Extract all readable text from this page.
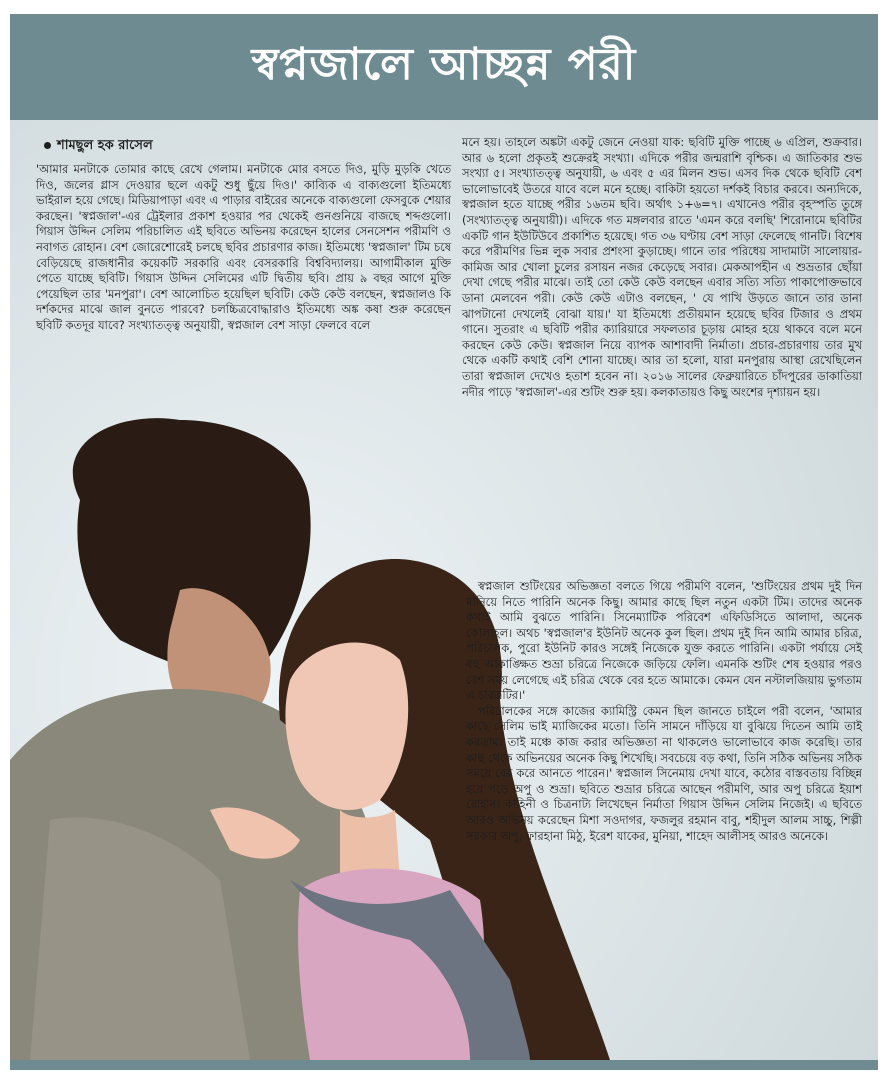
স্বপ্নজালে আচ্ছন্ন পরী
শামছুল হক রাসেল

'আমার মনটাকে তোমার কাছে রেখে গেলাম। মনটাকে মোর বসতে দিও, মুড়ি মুড়কি খেতে দিও, জলের গ্লাস দেওয়ার ছলে একটু শুধু ছুঁয়ে দিও।' কাব্যিক এ বাক্যগুলো ইতিমধ্যে ভাইরাল হয়ে গেছে। মিডিয়াপাড়া এবং এ পাড়ার বাইরের অনেকে বাক্যগুলো ফেসবুকে শেয়ার করছেন। 'স্বপ্নজাল'-এর ট্রেইলার প্রকাশ হওয়ার পর থেকেই গুনগুনিয়ে বাজছে শব্দগুলো। গিয়াস উদ্দিন সেলিম পরিচালিত এই ছবিতে অভিনয় করেছেন হালের সেনসেশন পরীমণি ও নবাগত রোহান। বেশ জোরেশোরেই চলছে ছবির প্রচারণার কাজ। ইতিমধ্যে 'স্বপ্নজাল' টিম চষে বেড়িয়েছে রাজধানীর কয়েকটি সরকারি এবং বেসরকারি বিশ্ববিদ্যালয়। আগামীকাল মুক্তি পেতে যাচ্ছে ছবিটি। গিয়াস উদ্দিন সেলিমের এটি দ্বিতীয় ছবি। প্রায় ৯ বছর আগে মুক্তি পেয়েছিল তার 'মনপুরা'। বেশ আলোচিত হয়েছিল ছবিটি। কেউ কেউ বলছেন, স্বপ্নজালও কি দর্শকদের মাঝে জাল বুনতে পারবে? চলচ্চিত্রবোদ্ধারাও ইতিমধ্যে অঙ্ক কষা শুরু করেছেন ছবিটি কতদূর যাবে? সংখ্যাতত্ত্ব অনুযায়ী, স্বপ্নজাল বেশ সাড়া ফেলবে বলে

মনে হয়। তাহলে অঙ্কটা একটু জেনে নেওয়া যাক: ছবিটি মুক্তি পাচ্ছে ৬ এপ্রিল, শুক্রবার। আর ৬ হলো প্রকৃতই শুক্রেরই সংখ্যা। এদিকে পরীর জন্মরাশি বৃশ্চিক। এ জাতিকার শুভ সংখ্যা ৫। সংখ্যাতত্ত্ব অনুযায়ী, ৬ এবং ৫ এর মিলন শুভ। এসব দিক থেকে ছবিটি বেশ ভালোভাবেই উতরে যাবে বলে মনে হচ্ছে। বাকিটা হয়তো দর্শকই বিচার করবে। অন্যদিকে, স্বপ্নজাল হতে যাচ্ছে পরীর ১৬তম ছবি। অর্থাৎ ১+৬=৭। এখানেও পরীর বৃহস্পতি তুঙ্গে (সংখ্যাতত্ত্ব অনুযায়ী)। এদিকে গত মঙ্গলবার রাতে 'এমন করে বলছি' শিরোনামে ছবিটির একটি গান ইউটিউবে প্রকাশিত হয়েছে। গত ৩৬ ঘণ্টায় বেশ সাড়া ফেলেছে গানটি। বিশেষ করে পরীমণির ভিন্ন লুক সবার প্রশংসা কুড়াচ্ছে। গানে তার পরিধেয় সাদামাটা সালোয়ার-কামিজ আর খোলা চুলের রসায়ন নজর কেড়েছে সবার। মেকআপহীন এ শুভ্রতার ছোঁয়া দেখা গেছে পরীর মাঝে। তাই তো কেউ কেউ বলছেন এবার সত্যি সত্যি পাকাপোক্তভাবে ডানা মেলবেন পরী। কেউ কেউ এটাও বলছেন, ' যে পাখি উড়তে জানে তার ডানা ঝাপটানো দেখলেই বোঝা যায়।' যা ইতিমধ্যে প্রতীয়মান হয়েছে ছবির টিজার ও প্রথম গানে। সুতরাং এ ছবিটি পরীর ক্যারিয়ারে সফলতার চূড়ায় মোহর হয়ে থাকবে বলে মনে করছেন কেউ কেউ। স্বপ্নজাল নিয়ে ব্যাপক আশাবাদী নির্মাতা। প্রচার-প্রচারণায় তার মুখ থেকে একটি কথাই বেশি শোনা যাচ্ছে। আর তা হলো, যারা মনপুরায় আস্থা রেখেছিলেন তারা স্বপ্নজাল দেখেও হতাশ হবেন না। ২০১৬ সালের ফেব্রুয়ারিতে চাঁদপুরের ডাকাতিয়া নদীর পাড়ে 'স্বপ্নজাল'-এর শুটিং শুরু হয়। কলকাতায়ও কিছু অংশের দৃশ্যায়ন হয়।

স্বপ্নজাল শুটিংয়ের অভিজ্ঞতা বলতে গিয়ে পরীমণি বলেন, 'শুটিংয়ের প্রথম দুই দিন মানিয়ে নিতে পারিনি অনেক কিছু। আমার কাছে ছিল নতুন একটা টিম। তাদের অনেক কথাই আমি বুঝতে পারিনি। সিনেম্যাটিক পরিবেশ এফিডিসিতে আলাদা, অনেক কোলাহল। অথচ 'স্বপ্নজাল'র ইউনিট অনেক কুল ছিল। প্রথম দুই দিন আমি আমার চরিত্র, পরিচালক, পুরো ইউনিট কারও সঙ্গেই নিজেকে যুক্ত করতে পারিনি। একটা পর্যায়ে সেই বহু আকাঙ্ক্ষিত শুভ্রা চরিত্রে নিজেকে জড়িয়ে ফেলি। এমনকি শুটিং শেষ হওয়ার পরও বেশ সময় লেগেছে এই চরিত্র থেকে বের হতে আমাকে। কেমন যেন নস্টালজিয়ায় ভুগতাম এ চরিত্রটির।'

পরিচালকের সঙ্গে কাজের ক্যামিস্ট্রি কেমন ছিল জানতে চাইলে পরী বলেন, 'আমার কাছে সেলিম ভাই ম্যাজিকের মতো। তিনি সামনে দাঁড়িয়ে যা বুঝিয়ে দিতেন আমি তাই করতাম। তাই মঞ্চে কাজ করার অভিজ্ঞতা না থাকলেও ভালোভাবে কাজ করেছি। তার কাছ থেকে অভিনয়ের অনেক কিছু শিখেছি। সবচেয়ে বড় কথা, তিনি সঠিক অভিনয় সঠিক সময়ে বের করে আনতে পারেন।' স্বপ্নজাল সিনেমায় দেখা যাবে, কঠোর বাস্তবতায় বিচ্ছিন্ন হয়ে পড়ে অপু ও শুভ্রা। ছবিতে শুভ্রার চরিত্রে আছেন পরীমণি, আর অপু চরিত্রে ইয়াশ রোহান। কাহিনী ও চিত্রনাট্য লিখেছেন নির্মাতা গিয়াস উদ্দিন সেলিম নিজেই। এ ছবিতে আরও অভিনয় করেছেন মিশা সওদাগর, ফজলুর রহমান বাবু, শহীদুল আলম সাচ্চু, শিল্পী সরকার অপু, ফারহানা মিঠু, ইরেশ যাকের, মুনিয়া, শাহেদ আলীসহ আরও অনেকে।
